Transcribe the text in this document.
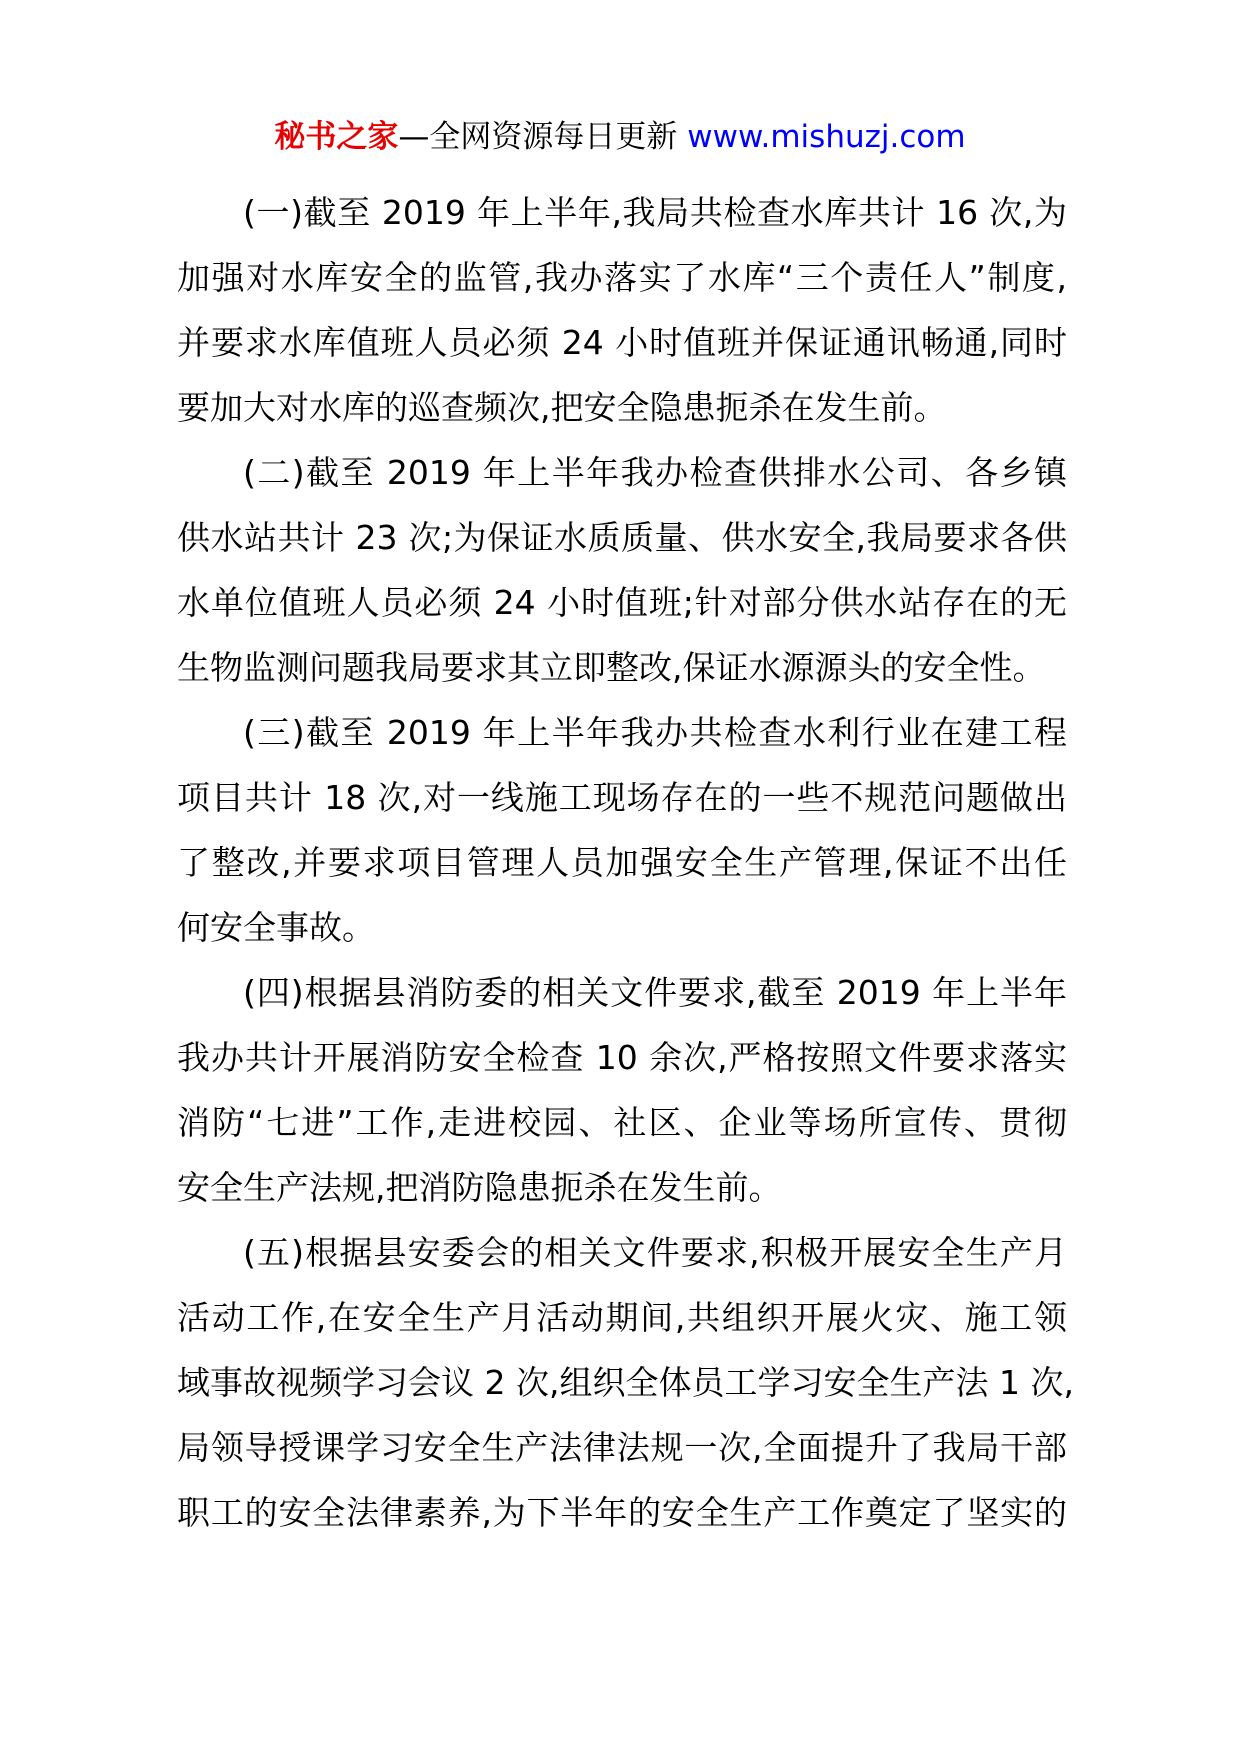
秘书之家—全网资源每日更新 www.mishuzj.com
(一)截至 2019 年上半年,我局共检查水库共计 16 次,为
加强对水库安全的监管,我办落实了水库“三个责任人”制度,
并要求水库值班人员必须 24 小时值班并保证通讯畅通,同时
要加大对水库的巡查频次,把安全隐患扼杀在发生前。
(二)截至 2019 年上半年我办检查供排水公司、各乡镇
供水站共计 23 次;为保证水质质量、供水安全,我局要求各供
水单位值班人员必须 24 小时值班;针对部分供水站存在的无
生物监测问题我局要求其立即整改,保证水源源头的安全性。
(三)截至 2019 年上半年我办共检查水利行业在建工程
项目共计 18 次,对一线施工现场存在的一些不规范问题做出
了整改,并要求项目管理人员加强安全生产管理,保证不出任
何安全事故。
(四)根据县消防委的相关文件要求,截至 2019 年上半年
我办共计开展消防安全检查 10 余次,严格按照文件要求落实
消防“七进”工作,走进校园、社区、企业等场所宣传、贯彻
安全生产法规,把消防隐患扼杀在发生前。
(五)根据县安委会的相关文件要求,积极开展安全生产月
活动工作,在安全生产月活动期间,共组织开展火灾、施工领
域事故视频学习会议 2 次,组织全体员工学习安全生产法 1 次,
局领导授课学习安全生产法律法规一次,全面提升了我局干部
职工的安全法律素养,为下半年的安全生产工作奠定了坚实的
